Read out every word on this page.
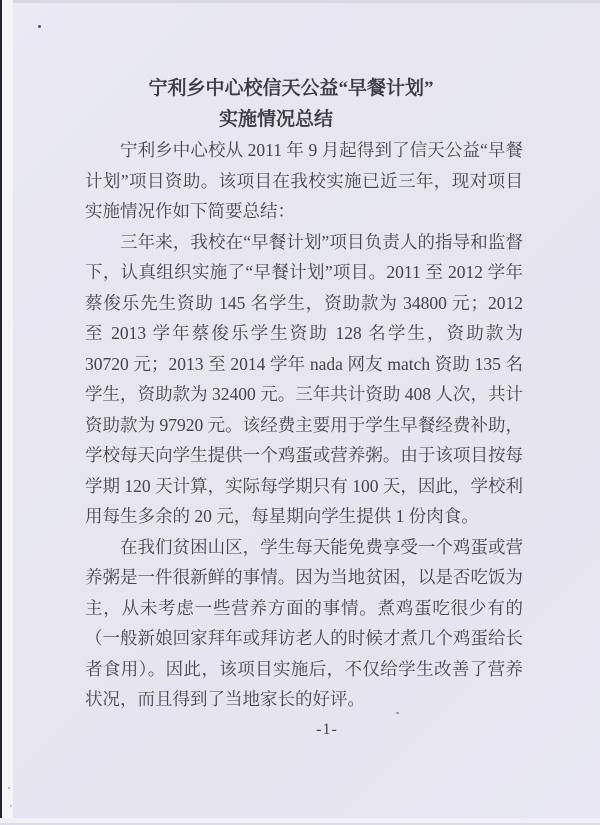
宁利乡中心校信天公益“早餐计划”
实施情况总结

宁利乡中心校从 2011 年 9 月起得到了信天公益“早餐计划”项目资助。该项目在我校实施已近三年，现对项目实施情况作如下简要总结：

三年来，我校在“早餐计划”项目负责人的指导和监督下，认真组织实施了“早餐计划”项目。2011 至 2012 学年蔡俊乐先生资助 145 名学生，资助款为 34800 元；2012 至 2013 学年蔡俊乐学生资助 128 名学生，资助款为 30720 元；2013 至 2014 学年 nada 网友 match 资助 135 名学生，资助款为 32400 元。三年共计资助 408 人次，共计资助款为 97920 元。该经费主要用于学生早餐经费补助，学校每天向学生提供一个鸡蛋或营养粥。由于该项目按每学期 120 天计算，实际每学期只有 100 天，因此，学校利用每生多余的 20 元，每星期向学生提供 1 份肉食。

在我们贫困山区，学生每天能免费享受一个鸡蛋或营养粥是一件很新鲜的事情。因为当地贫困，以是否吃饭为主，从未考虑一些营养方面的事情。煮鸡蛋吃很少有的（一般新娘回家拜年或拜访老人的时候才煮几个鸡蛋给长者食用）。因此，该项目实施后，不仅给学生改善了营养状况，而且得到了当地家长的好评。

-1-
